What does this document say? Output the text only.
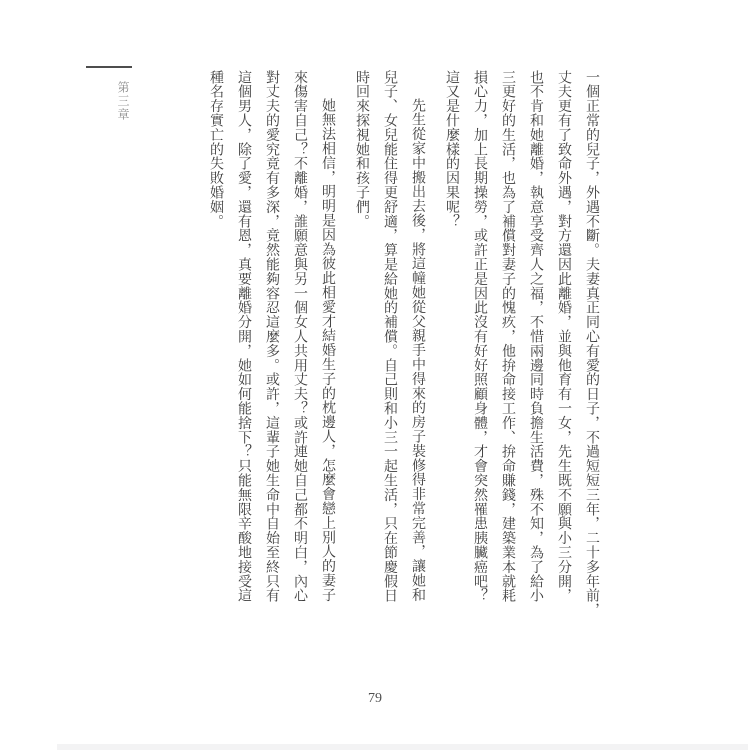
第三章	一個正常的兒子，外遇不斷。夫妻真正同心有愛的日子，不過短短三年，二十多年前，
丈夫更有了致命外遇，對方還因此離婚，並與他育有一女，先生既不願與小三分開，
也不肯和她離婚，執意享受齊人之福，不惜兩邊同時負擔生活費，殊不知，為了給小
三更好的生活，也為了補償對妻子的愧疚，他拚命接工作、拚命賺錢，建築業本就耗
損心力，加上長期操勞，或許正是因此沒有好好照顧身體，才會突然罹患胰臟癌吧？
這又是什麼樣的因果呢？
先生從家中搬出去後，將這幢她從父親手中得來的房子裝修得非常完善，讓她和
兒子、女兒能住得更舒適，算是給她的補償。自己則和小三一起生活，只在節慶假日
時回來探視她和孩子們。
她無法相信，明明是因為彼此相愛才結婚生子的枕邊人，怎麼會戀上別人的妻子
來傷害自己？不離婚，誰願意與另一個女人共用丈夫？或許連她自己都不明白，內心
對丈夫的愛究竟有多深，竟然能夠容忍這麼多。或許，這輩子她生命中自始至終只有
這個男人，除了愛，還有恩，真要離婚分開，她如何能捨下？只能無限辛酸地接受這
種名存實亡的失敗婚姻。
79
